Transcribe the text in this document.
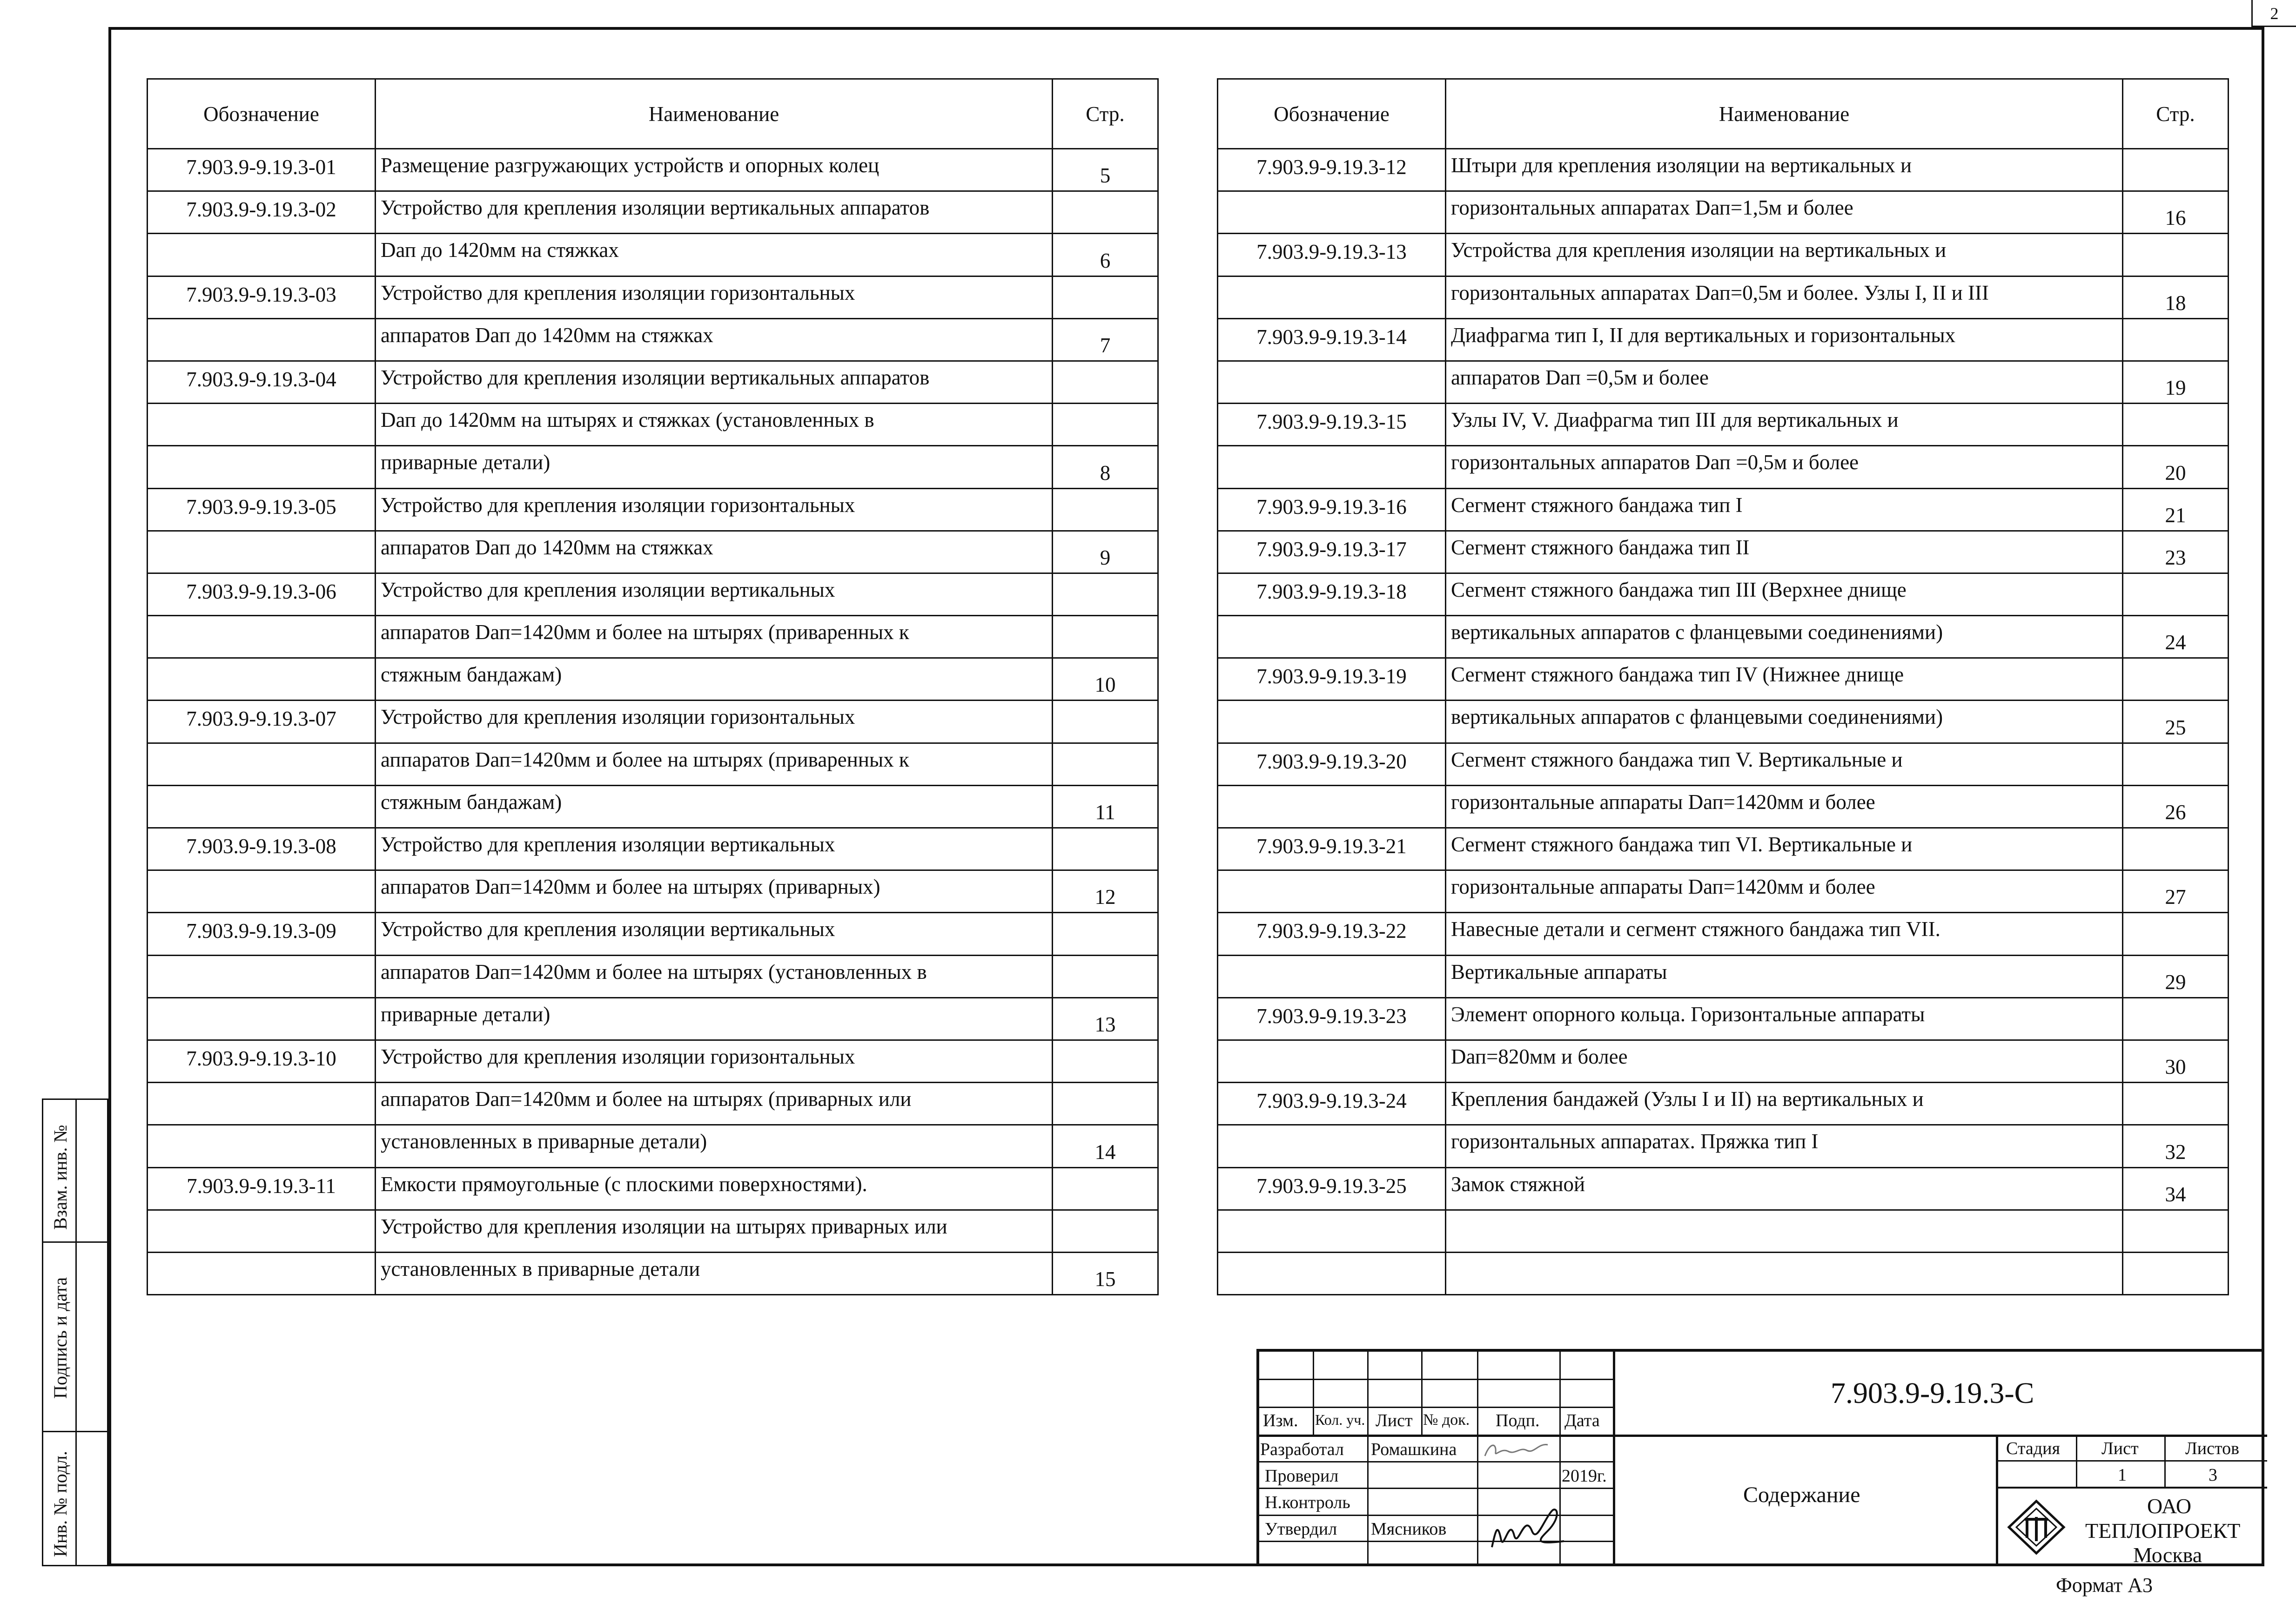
2
Обозначение	Наименование	Стр.
7.903.9-9.19.3-01	Размещение разгружающих устройств и опорных колец	5
7.903.9-9.19.3-02	Устройство для крепления изоляции вертикальных аппаратов	
	Dап до 1420мм на стяжках	6
7.903.9-9.19.3-03	Устройство для крепления изоляции горизонтальных	
	аппаратов Dап до 1420мм на стяжках	7
7.903.9-9.19.3-04	Устройство для крепления изоляции вертикальных аппаратов	
	Dап до 1420мм на штырях и стяжках (установленных в	
	приварные детали)	8
7.903.9-9.19.3-05	Устройство для крепления изоляции горизонтальных	
	аппаратов Dап до 1420мм на стяжках	9
7.903.9-9.19.3-06	Устройство для крепления изоляции вертикальных	
	аппаратов Dап=1420мм и более на штырях (приваренных к	
	стяжным бандажам)	10
7.903.9-9.19.3-07	Устройство для крепления изоляции горизонтальных	
	аппаратов Dап=1420мм и более на штырях (приваренных к	
	стяжным бандажам)	11
7.903.9-9.19.3-08	Устройство для крепления изоляции вертикальных	
	аппаратов Dап=1420мм и более на штырях (приварных)	12
7.903.9-9.19.3-09	Устройство для крепления изоляции вертикальных	
	аппаратов Dап=1420мм и более на штырях (установленных в	
	приварные детали)	13
7.903.9-9.19.3-10	Устройство для крепления изоляции горизонтальных	
	аппаратов Dап=1420мм и более на штырях (приварных или	
	установленных в приварные детали)	14
7.903.9-9.19.3-11	Емкости прямоугольные (с плоскими поверхностями).	
	Устройство для крепления изоляции на штырях приварных или	
	установленных в приварные детали	15
Обозначение	Наименование	Стр.
7.903.9-9.19.3-12	Штыри для крепления изоляции на вертикальных и	
	горизонтальных аппаратах Dап=1,5м и более	16
7.903.9-9.19.3-13	Устройства для крепления изоляции на вертикальных и	
	горизонтальных аппаратах Dап=0,5м и более. Узлы I, II и III	18
7.903.9-9.19.3-14	Диафрагма тип I, II для вертикальных и горизонтальных	
	аппаратов Dап =0,5м и более	19
7.903.9-9.19.3-15	Узлы IV, V. Диафрагма тип III для вертикальных и	
	горизонтальных аппаратов Dап =0,5м и более	20
7.903.9-9.19.3-16	Сегмент стяжного бандажа тип I	21
7.903.9-9.19.3-17	Сегмент стяжного бандажа тип II	23
7.903.9-9.19.3-18	Сегмент стяжного бандажа тип III (Верхнее днище	
	вертикальных аппаратов с фланцевыми соединениями)	24
7.903.9-9.19.3-19	Сегмент стяжного бандажа тип IV (Нижнее днище	
	вертикальных аппаратов с фланцевыми соединениями)	25
7.903.9-9.19.3-20	Сегмент стяжного бандажа тип V. Вертикальные и	
	горизонтальные аппараты Dап=1420мм и более	26
7.903.9-9.19.3-21	Сегмент стяжного бандажа тип VI. Вертикальные и	
	горизонтальные аппараты Dап=1420мм и более	27
7.903.9-9.19.3-22	Навесные детали и сегмент стяжного бандажа тип VII.	
	Вертикальные аппараты	29
7.903.9-9.19.3-23	Элемент опорного кольца. Горизонтальные аппараты	
	Dап=820мм и более	30
7.903.9-9.19.3-24	Крепления бандажей (Узлы I и II) на вертикальных и	
	горизонтальных аппаратах. Пряжка тип I	32
7.903.9-9.19.3-25	Замок стяжной	34

Взам. инв. №
Подпись и дата
Инв. № подл.
Изм. Кол. уч. Лист № док. Подп. Дата
Разработал Ромашкина
Проверил	2019г.
Н.контроль
Утвердил Мясников
7.903.9-9.19.3-С
Содержание
Стадия Лист	Листов
1	3
ОАО
ТЕПЛОПРОЕКТ
Москва
Формат А3
